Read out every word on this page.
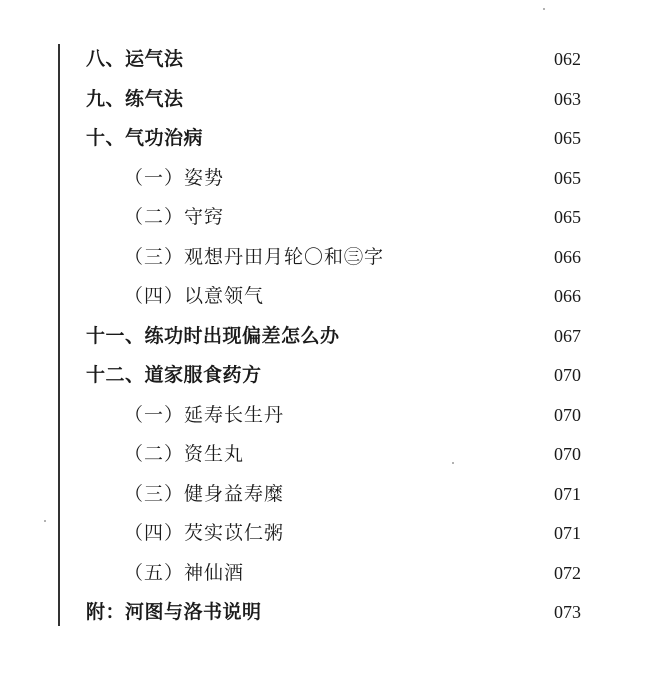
八、运气法	062
九、练气法	063
十、气功治病	065
（一）姿势	065
（二）守窍	065
（三）观想丹田月轮〇和㊂字	066
（四）以意领气	066
十一、练功时出现偏差怎么办	067
十二、道家服食药方	070
（一）延寿长生丹	070
（二）资生丸	070
（三）健身益寿糜	071
（四）芡实苡仁粥	071
（五）神仙酒	072
附：河图与洛书说明	073
